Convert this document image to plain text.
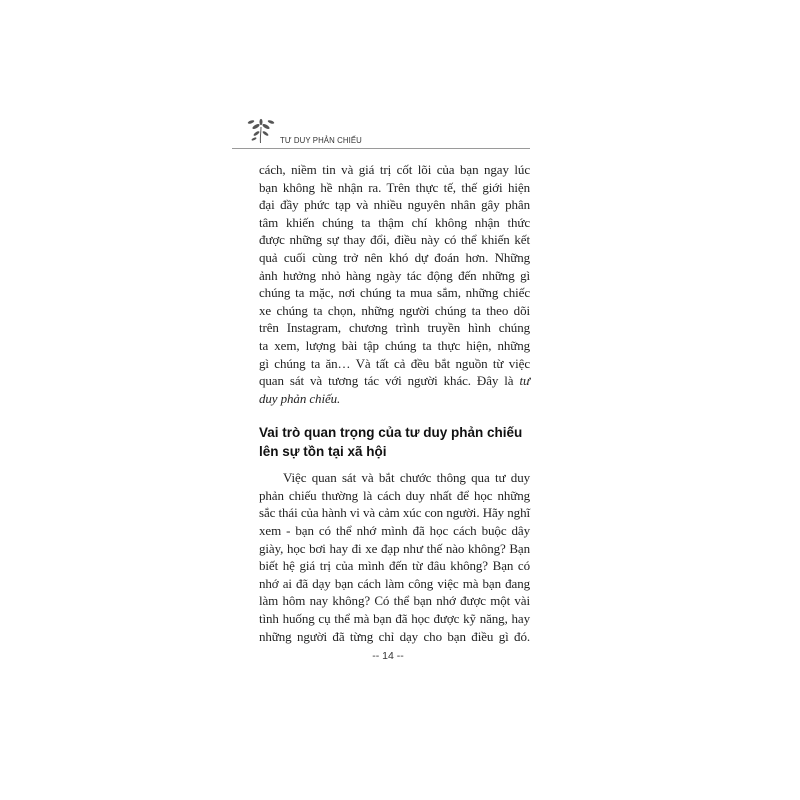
TƯ DUY PHẢN CHIẾU
cách, niềm tin và giá trị cốt lõi của bạn ngay lúc
bạn không hề nhận ra. Trên thực tế, thế giới hiện
đại đầy phức tạp và nhiều nguyên nhân gây phân
tâm khiến chúng ta thậm chí không nhận thức
được những sự thay đổi, điều này có thể khiến kết
quả cuối cùng trở nên khó dự đoán hơn. Những
ảnh hưởng nhỏ hàng ngày tác động đến những gì
chúng ta mặc, nơi chúng ta mua sắm, những chiếc
xe chúng ta chọn, những người chúng ta theo dõi
trên Instagram, chương trình truyền hình chúng
ta xem, lượng bài tập chúng ta thực hiện, những
gì chúng ta ăn… Và tất cả đều bắt nguồn từ việc
quan sát và tương tác với người khác. Đây là tư
duy phản chiếu.
Vai trò quan trọng của tư duy phản chiếu
lên sự tồn tại xã hội
Việc quan sát và bắt chước thông qua tư duy
phản chiếu thường là cách duy nhất để học những
sắc thái của hành vi và cảm xúc con người. Hãy nghĩ
xem - bạn có thể nhớ mình đã học cách buộc dây
giày, học bơi hay đi xe đạp như thế nào không? Bạn
biết hệ giá trị của mình đến từ đâu không? Bạn có
nhớ ai đã dạy bạn cách làm công việc mà bạn đang
làm hôm nay không? Có thể bạn nhớ được một vài
tình huống cụ thể mà bạn đã học được kỹ năng, hay
những người đã từng chỉ dạy cho bạn điều gì đó.
-- 14 --
